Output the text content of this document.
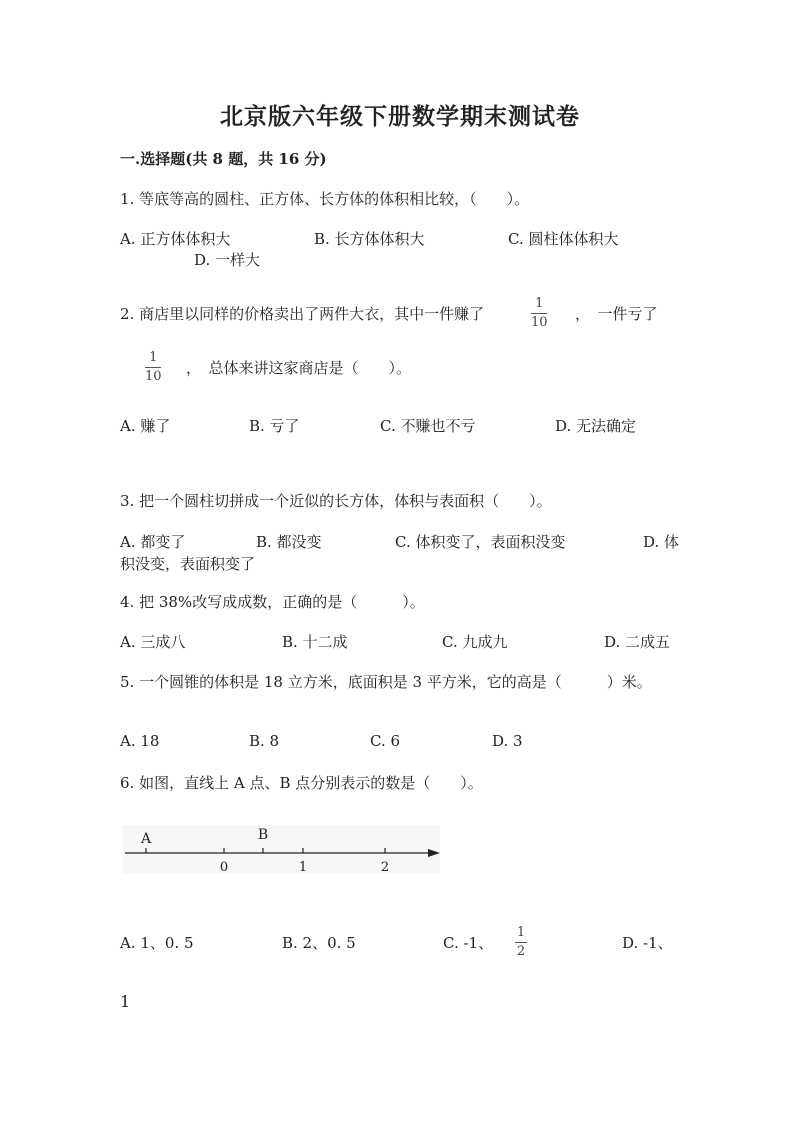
北京版六年级下册数学期末测试卷
一.选择题(共 8 题，共 16 分)
1. 等底等高的圆柱、正方体、长方体的体积相比较，（　　）。
A. 正方体体积大	B. 长方体体积大	C. 圆柱体体积大
D. 一样大
2. 商店里以同样的价格卖出了两件大衣，其中一件赚了
1
10 ，　一件亏了
1
10 ，　总体来讲这家商店是（　　）。
A. 赚了	B. 亏了	C. 不赚也不亏	D. 无法确定
3. 把一个圆柱切拼成一个近似的长方体，体积与表面积（　　）。
A. 都变了	B. 都没变	C. 体积变了，表面积没变	D. 体
积没变，表面积变了
4. 把 38%改写成成数，正确的是（　　　）。
A. 三成八	B. 十二成	C. 九成九	D. 二成五
5. 一个圆锥的体积是 18 立方米，底面积是 3 平方米，它的高是（　　　）米。
A. 18	B. 8	C. 6	D. 3
6. 如图，直线上 A 点、B 点分别表示的数是（　　）。
A	B
0	1	2
A. 1、0. 5	B. 2、0. 5	C. -1、
1
2	D. -1、
1
